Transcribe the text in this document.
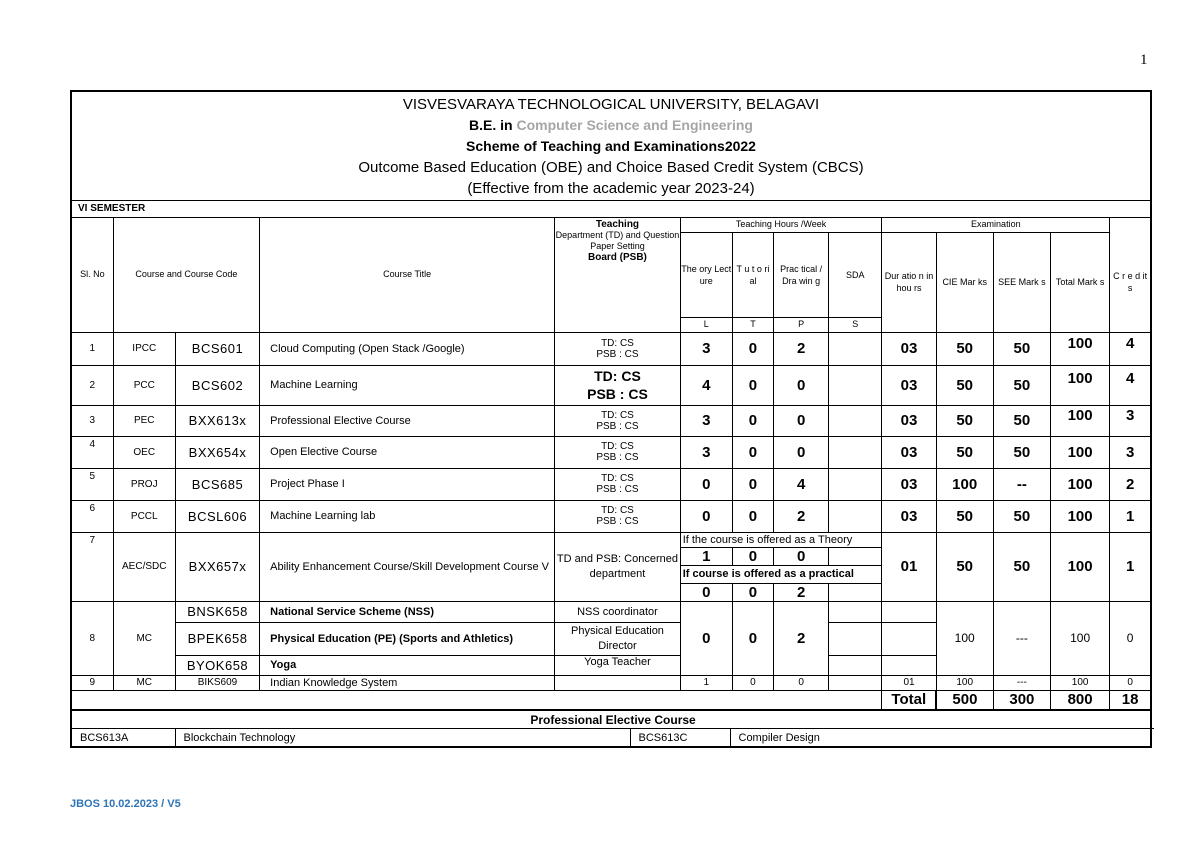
1
VISVESVARAYA TECHNOLOGICAL UNIVERSITY, BELAGAVI
B.E. in Computer Science and Engineering
Scheme of Teaching and Examinations2022
Outcome Based Education (OBE) and Choice Based Credit System (CBCS)
(Effective from the academic year 2023-24)
VI SEMESTER
Sl. No	Course and Course Code		Course Title	Teaching
Department (TD) and Question Paper Setting
Board (PSB)	Teaching Hours /Week				Examination				
					The ory Lect ure	T u t o ri al	Prac tical / Dra win g	SDA	Dur atio n in hou rs	CIE Mar ks	SEE Mark s	Total Mark s	C r e d it s
					L	T	P	S					
1	IPCC	BCS601	Cloud Computing (Open Stack /Google)	TD: CS
PSB : CS	3	0	2		03	50	50	100	4
2	PCC	BCS602	Machine Learning	TD: CS
PSB : CS	4	0	0		03	50	50	100	4
3	PEC	BXX613x	Professional Elective Course	TD: CS
PSB : CS	3	0	0		03	50	50	100	3
4	OEC	BXX654x	Open Elective Course	TD: CS
PSB : CS	3	0	0		03	50	50	100	3
5	PROJ	BCS685	Project Phase I	TD: CS
PSB : CS	0	0	4		03	100	--	100	2
6	PCCL	BCSL606	Machine Learning lab	TD: CS
PSB : CS	0	0	2		03	50	50	100	1
7	AEC/SDC	BXX657x	Ability Enhancement Course/Skill Development Course V	TD and PSB: Concerned department	If the course is offered as a Theory				01	50	50	100	1
					1	0	0						
					If course is offered as a practical								
					0	0	2						
8	MC	BNSK658	National Service Scheme (NSS)	NSS coordinator	0	0	2			100	---	100	0
		BPEK658	Physical Education (PE) (Sports and Athletics)	Physical Education Director									
		BYOK658	Yoga	Yoga Teacher									
9	MC	BIKS609	Indian Knowledge System		1	0	0		01	100	---	100	0
									Total	500	300	800	18
Professional Elective Course
BCS613A	Blockchain Technology	BCS613C	Compiler Design
JBOS 10.02.2023 / V5
